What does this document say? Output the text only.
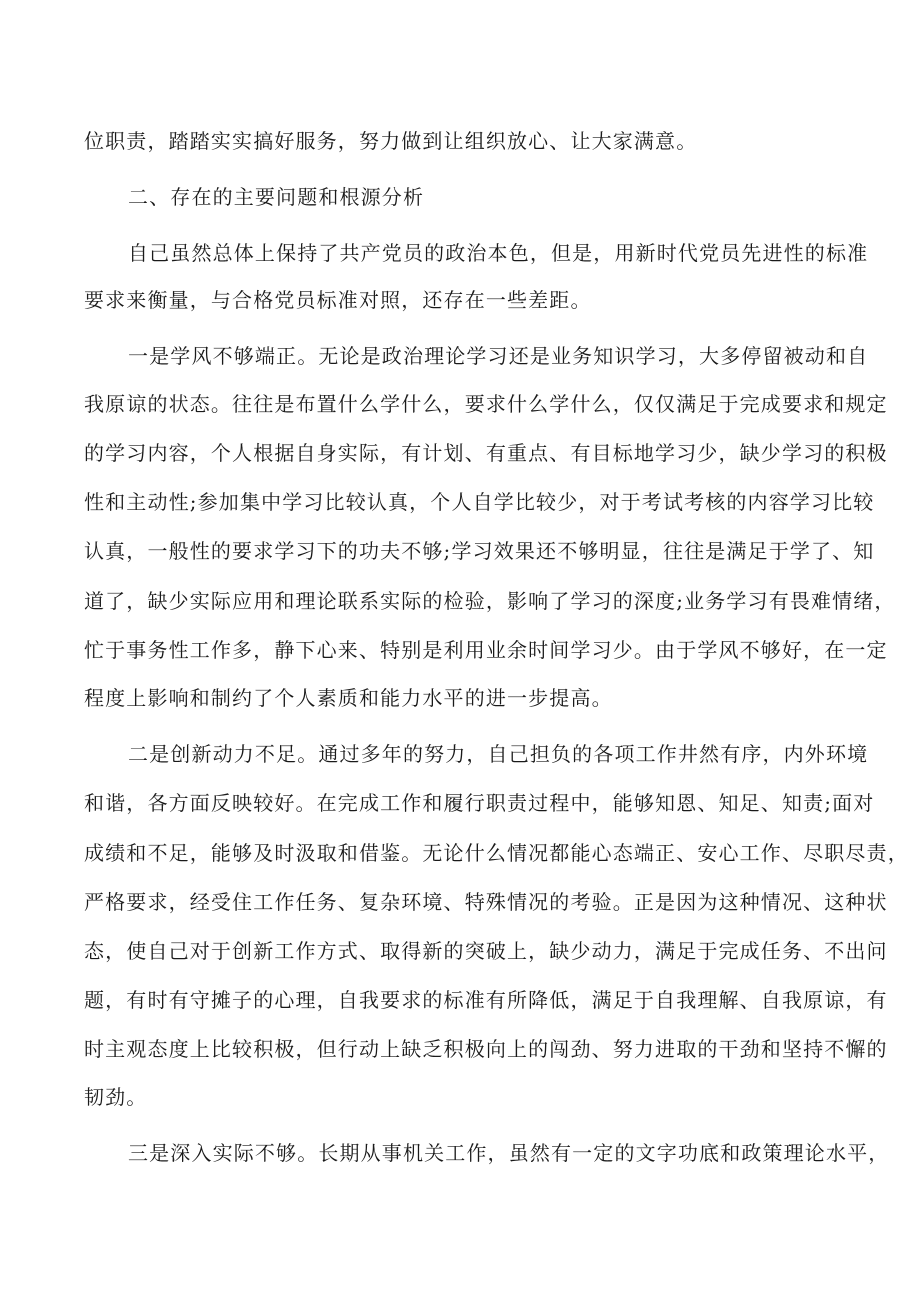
位职责，踏踏实实搞好服务，努力做到让组织放心、让大家满意。
二、存在的主要问题和根源分析
自己虽然总体上保持了共产党员的政治本色，但是，用新时代党员先进性的标准
要求来衡量，与合格党员标准对照，还存在一些差距。
一是学风不够端正。无论是政治理论学习还是业务知识学习，大多停留被动和自
我原谅的状态。往往是布置什么学什么，要求什么学什么，仅仅满足于完成要求和规定
的学习内容，个人根据自身实际，有计划、有重点、有目标地学习少，缺少学习的积极
性和主动性;参加集中学习比较认真，个人自学比较少，对于考试考核的内容学习比较
认真，一般性的要求学习下的功夫不够;学习效果还不够明显，往往是满足于学了、知
道了，缺少实际应用和理论联系实际的检验，影响了学习的深度;业务学习有畏难情绪，
忙于事务性工作多，静下心来、特别是利用业余时间学习少。由于学风不够好，在一定
程度上影响和制约了个人素质和能力水平的进一步提高。
二是创新动力不足。通过多年的努力，自己担负的各项工作井然有序，内外环境
和谐，各方面反映较好。在完成工作和履行职责过程中，能够知恩、知足、知责;面对
成绩和不足，能够及时汲取和借鉴。无论什么情况都能心态端正、安心工作、尽职尽责，
严格要求，经受住工作任务、复杂环境、特殊情况的考验。正是因为这种情况、这种状
态，使自己对于创新工作方式、取得新的突破上，缺少动力，满足于完成任务、不出问
题，有时有守摊子的心理，自我要求的标准有所降低，满足于自我理解、自我原谅，有
时主观态度上比较积极，但行动上缺乏积极向上的闯劲、努力进取的干劲和坚持不懈的
韧劲。
三是深入实际不够。长期从事机关工作，虽然有一定的文字功底和政策理论水平，
